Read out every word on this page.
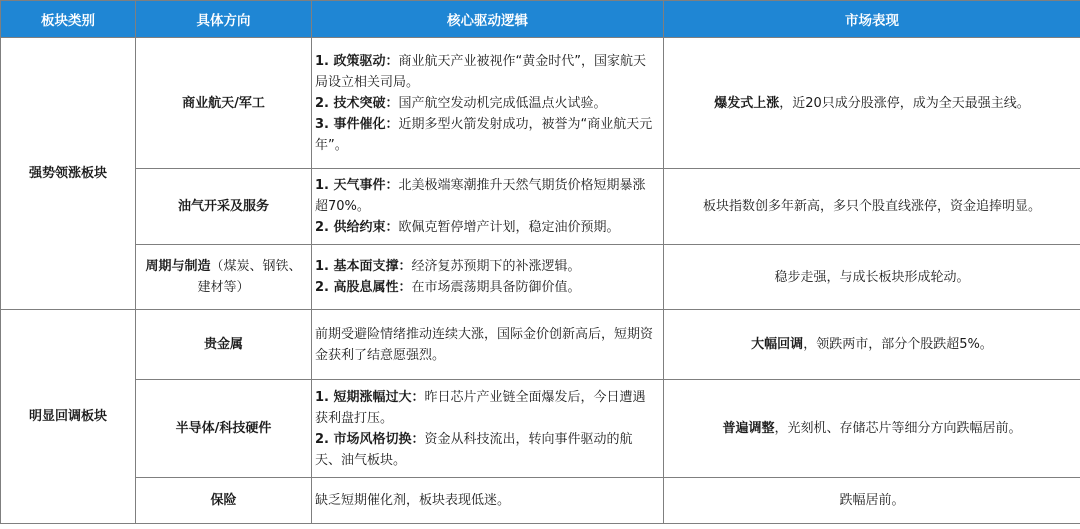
板块类别	具体方向	核心驱动逻辑	市场表现
强势领涨板块	商业航天/军工	1. 政策驱动：商业航天产业被视作“黄金时代”，国家航天局设立相关司局。
2. 技术突破：国产航空发动机完成低温点火试验。
3. 事件催化：近期多型火箭发射成功，被誉为“商业航天元年”。	爆发式上涨，近20只成分股涨停，成为全天最强主线。
	油气开采及服务	1. 天气事件：北美极端寒潮推升天然气期货价格短期暴涨超70%。
2. 供给约束：欧佩克暂停增产计划，稳定油价预期。	板块指数创多年新高，多只个股直线涨停，资金追捧明显。
	周期与制造（煤炭、钢铁、建材等）	1. 基本面支撑：经济复苏预期下的补涨逻辑。
2. 高股息属性：在市场震荡期具备防御价值。	稳步走强，与成长板块形成轮动。
明显回调板块	贵金属	前期受避险情绪推动连续大涨，国际金价创新高后，短期资金获利了结意愿强烈。	大幅回调，领跌两市，部分个股跌超5%。
	半导体/科技硬件	1. 短期涨幅过大：昨日芯片产业链全面爆发后，今日遭遇获利盘打压。
2. 市场风格切换：资金从科技流出，转向事件驱动的航天、油气板块。	普遍调整，光刻机、存储芯片等细分方向跌幅居前。
	保险	缺乏短期催化剂，板块表现低迷。	跌幅居前。
